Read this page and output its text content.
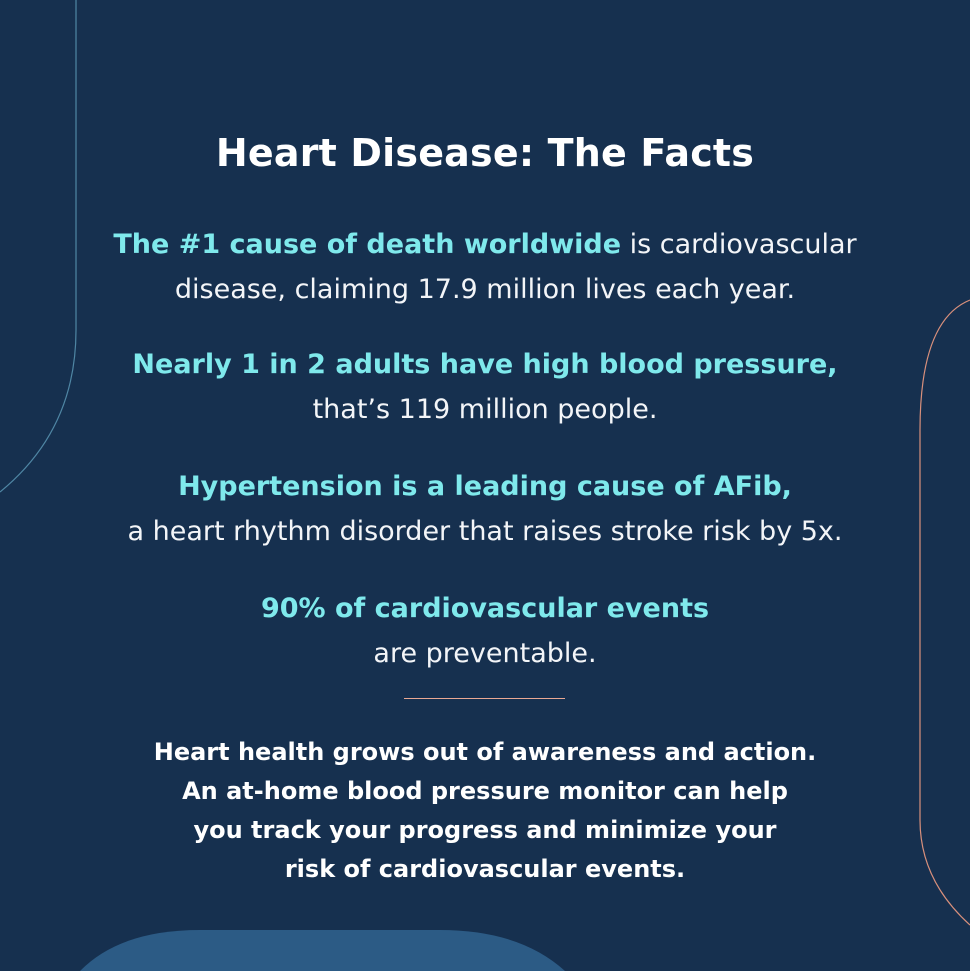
Heart Disease: The Facts
The #1 cause of death worldwide is cardiovascular
disease, claiming 17.9 million lives each year.
Nearly 1 in 2 adults have high blood pressure,
that’s 119 million people.
Hypertension is a leading cause of AFib,
a heart rhythm disorder that raises stroke risk by 5x.
90% of cardiovascular events
are preventable.
Heart health grows out of awareness and action.
An at-home blood pressure monitor can help
you track your progress and minimize your
risk of cardiovascular events.
